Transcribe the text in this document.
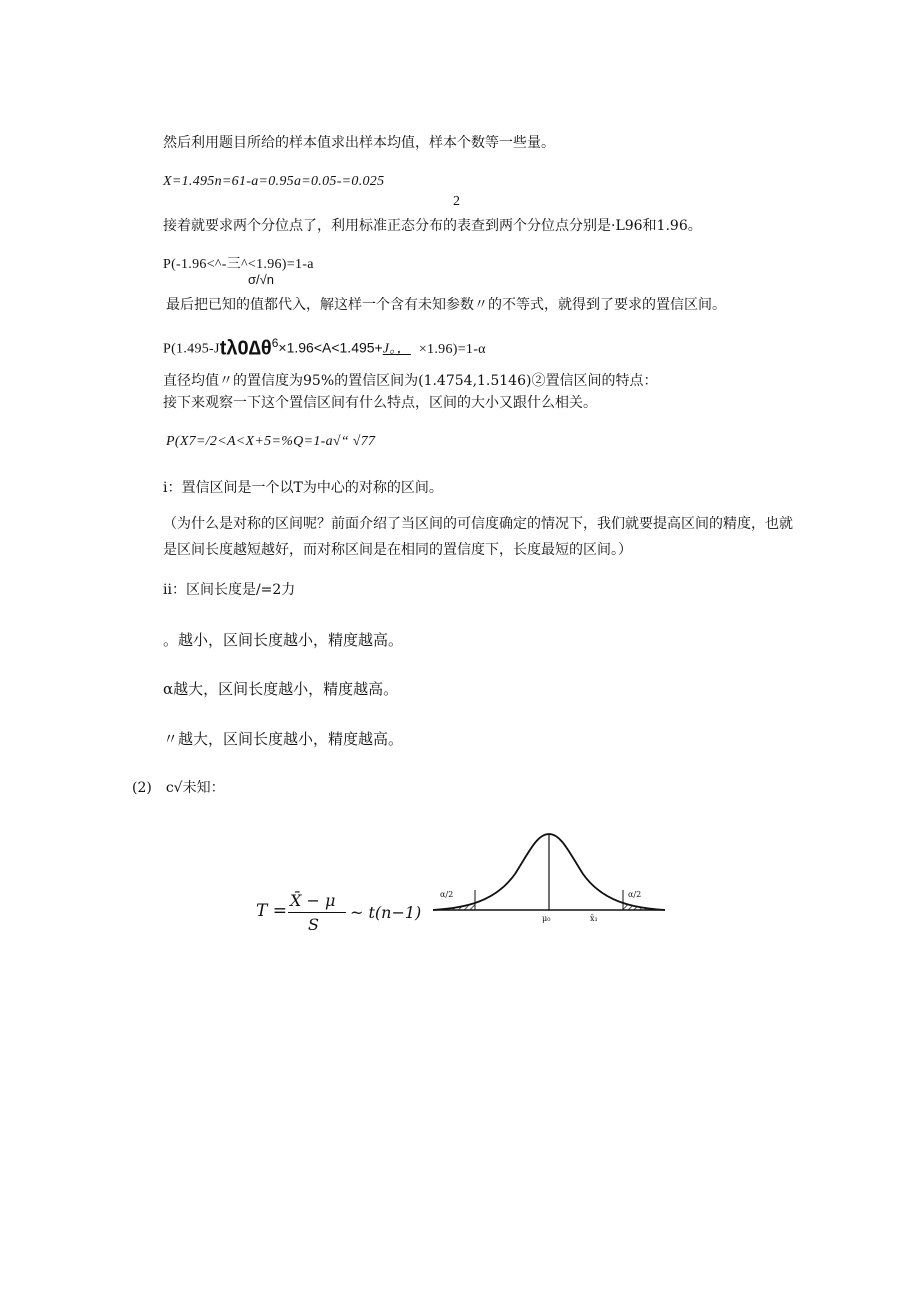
然后利用题目所给的样本值求出样本均值，样本个数等一些量。
X=1.495n=61-a=0.95a=0.05-=0.025
2
接着就要求两个分位点了，利用标准正态分布的表查到两个分位点分别是·L96和1.96。
P(-1.96<^-三^<1.96)=1-a
σ/√n
最后把已知的值都代入，解这样一个含有未知参数〃的不等式，就得到了要求的置信区间。
$P(1.495-Jt\lambda 0\Delta\theta^6\times 1.96<A<1.495+J$。， ×1.96)=1-α
直径均值〃的置信度为95%的置信区间为(1.4754,1.5146)②置信区间的特点：
接下来观察一下这个置信区间有什么特点，区间的大小又跟什么相关。
P(X7=/2<A<X+5=%Q=1-a√“ √77
i：置信区间是一个以T为中心的对称的区间。
（为什么是对称的区间呢？前面介绍了当区间的可信度确定的情况下，我们就要提高区间的精度，也就是区间长度越短越好，而对称区间是在相同的置信度下，长度最短的区间。）
ii：区间长度是/=2力
。越小，区间长度越小，精度越高。
α越大，区间长度越小，精度越高。
〃越大，区间长度越小，精度越高。
(2)　c√未知：
T =
X̄ − μ
S
~ t(n−1)
α/2	α/2
μ₀	x̄₁
